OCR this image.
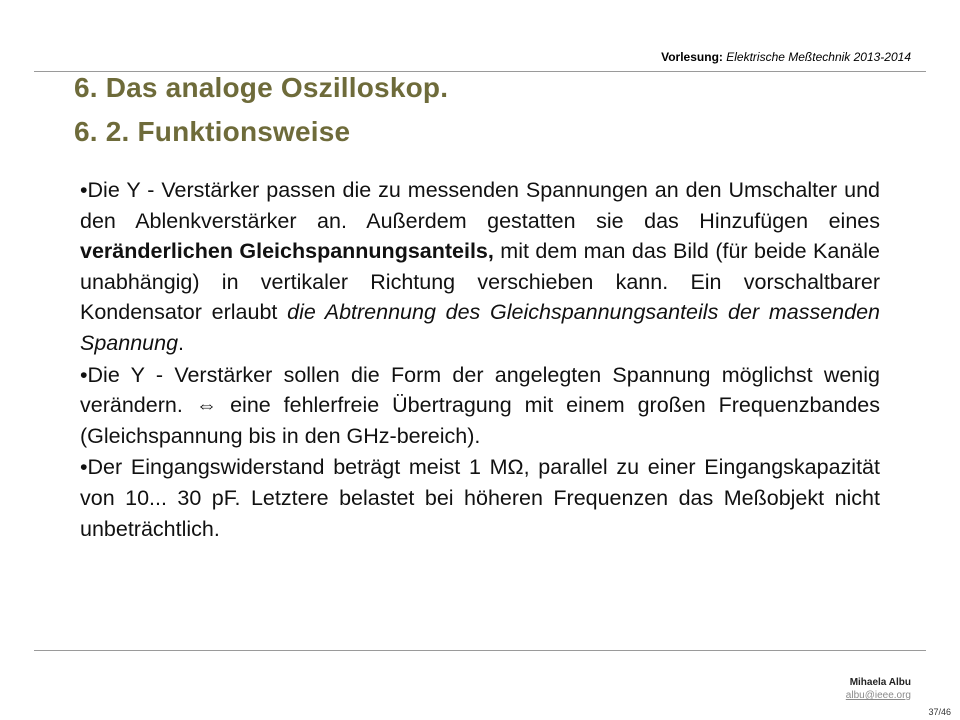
Vorlesung: Elektrische Meßtechnik 2013-2014
6. Das analoge Oszilloskop.
6. 2. Funktionsweise

•Die Y - Verstärker passen die zu messenden Spannungen an den Umschalter und den Ablenkverstärker an. Außerdem gestatten sie das Hinzufügen eines veränderlichen Gleichspannungsanteils, mit dem man das Bild (für beide Kanäle unabhängig) in vertikaler Richtung verschieben kann. Ein vorschaltbarer Kondensator erlaubt die Abtrennung des Gleichspannungsanteils der massenden Spannung.

•Die Y - Verstärker sollen die Form der angelegten Spannung möglichst wenig verändern. ⇔ eine fehlerfreie Übertragung mit einem großen Frequenzbandes (Gleichspannung bis in den GHz-bereich).

•Der Eingangswiderstand beträgt meist 1 MΩ, parallel zu einer Eingangskapazität von 10... 30 pF. Letztere belastet bei höheren Frequenzen das Meßobjekt nicht unbeträchtlich.

Mihaela Albu
albu@ieee.org
37/46
